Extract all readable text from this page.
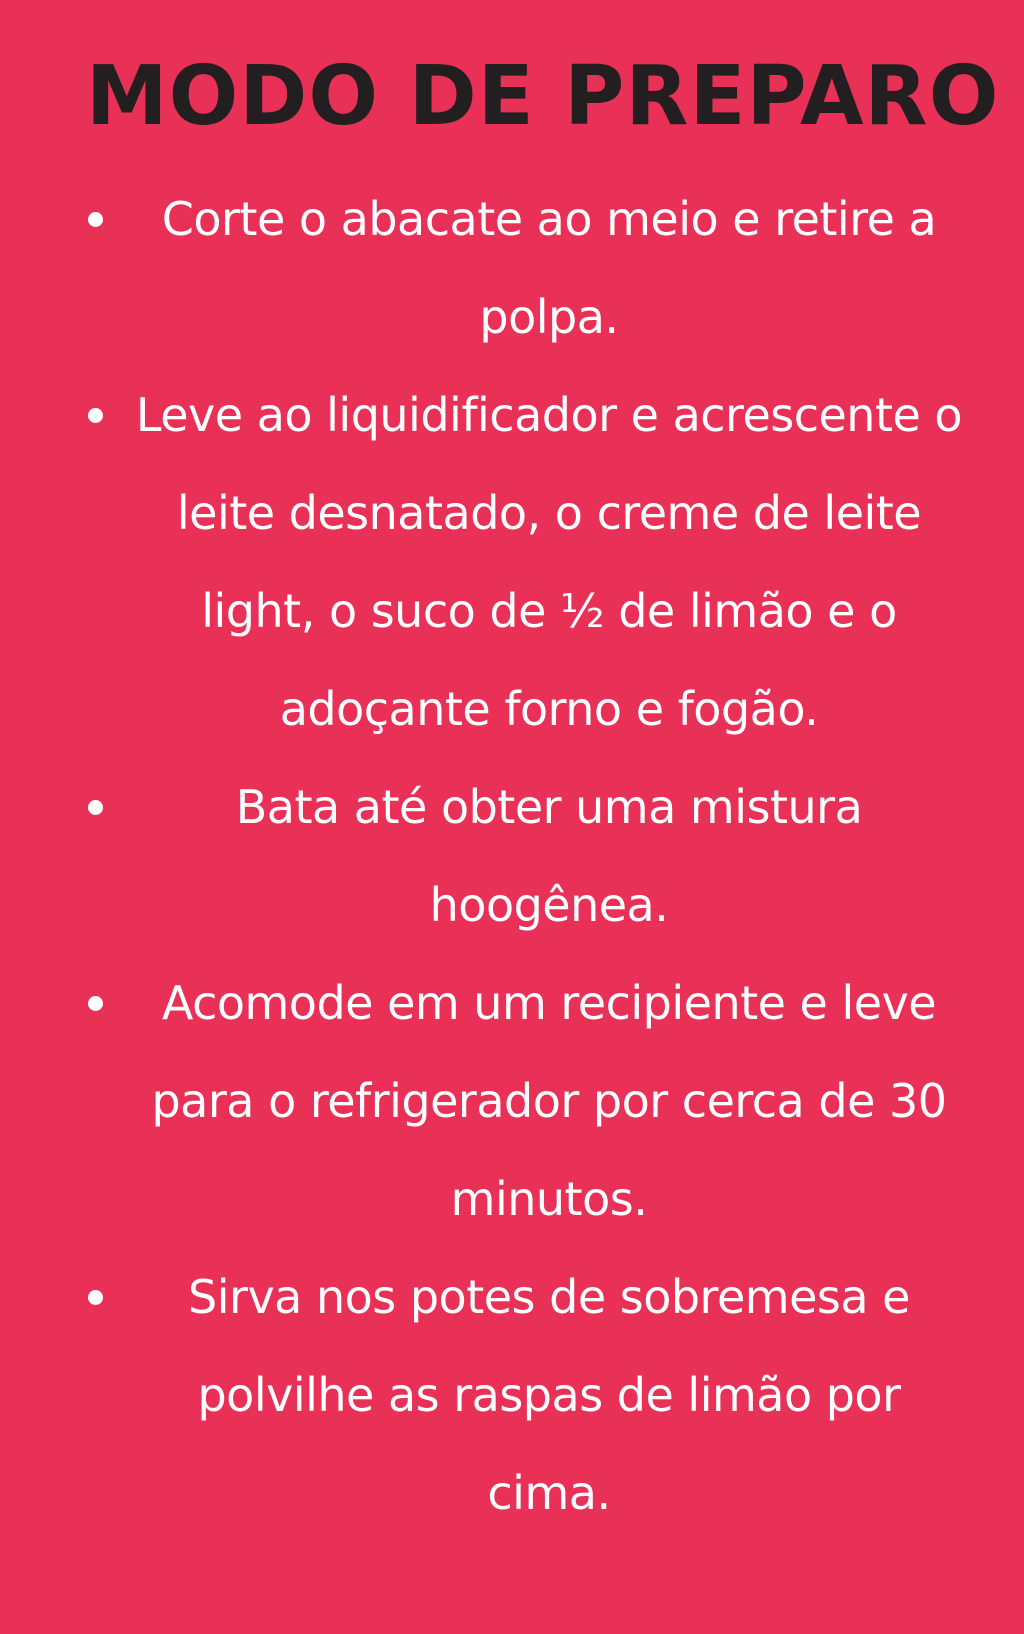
MODO DE PREPARO
Corte o abacate ao meio e retire a polpa.
Leve ao liquidificador e acrescente o leite desnatado, o creme de leite light, o suco de ½ de limão e o adoçante forno e fogão.
Bata até obter uma mistura hoogênea.
Acomode em um recipiente e leve para o refrigerador por cerca de 30 minutos.
Sirva nos potes de sobremesa e polvilhe as raspas de limão por cima.
